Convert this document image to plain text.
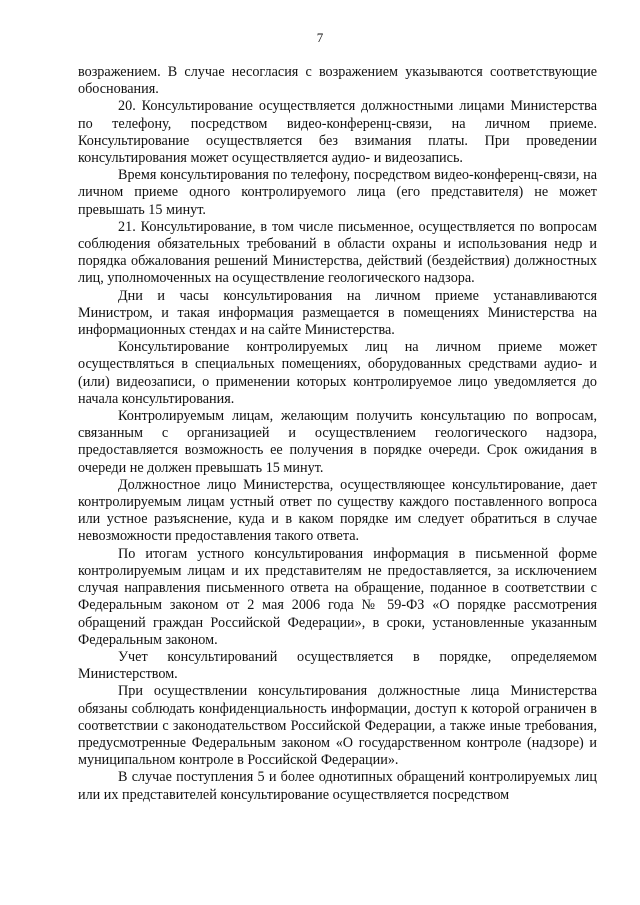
7

возражением. В случае несогласия с возражением указываются соответствующие обоснования.

20. Консультирование осуществляется должностными лицами Министерства по телефону, посредством видео-конференц-связи, на личном приеме. Консультирование осуществляется без взимания платы. При проведении консультирования может осуществляется аудио- и видеозапись.

Время консультирования по телефону, посредством видео-конференц-связи, на личном приеме одного контролируемого лица (его представителя) не может превышать 15 минут.

21. Консультирование, в том числе письменное, осуществляется по вопросам соблюдения обязательных требований в области охраны и использования недр и порядка обжалования решений Министерства, действий (бездействия) должностных лиц, уполномоченных на осуществление геологического надзора.

Дни и часы консультирования на личном приеме устанавливаются Министром, и такая информация размещается в помещениях Министерства на информационных стендах и на сайте Министерства.

Консультирование контролируемых лиц на личном приеме может осуществляться в специальных помещениях, оборудованных средствами аудио- и (или) видеозаписи, о применении которых контролируемое лицо уведомляется до начала консультирования.

Контролируемым лицам, желающим получить консультацию по вопросам, связанным с организацией и осуществлением геологического надзора, предоставляется возможность ее получения в порядке очереди. Срок ожидания в очереди не должен превышать 15 минут.

Должностное лицо Министерства, осуществляющее консультирование, дает контролируемым лицам устный ответ по существу каждого поставленного вопроса или устное разъяснение, куда и в каком порядке им следует обратиться в случае невозможности предоставления такого ответа.

По итогам устного консультирования информация в письменной форме контролируемым лицам и их представителям не предоставляется, за исключением случая направления письменного ответа на обращение, поданное в соответствии с Федеральным законом от 2 мая 2006 года № 59-ФЗ «О порядке рассмотрения обращений граждан Российской Федерации», в сроки, установленные указанным Федеральным законом.

Учет консультирований осуществляется в порядке, определяемом Министерством.

При осуществлении консультирования должностные лица Министерства обязаны соблюдать конфиденциальность информации, доступ к которой ограничен в соответствии с законодательством Российской Федерации, а также иные требования, предусмотренные Федеральным законом «О государственном контроле (надзоре) и муниципальном контроле в Российской Федерации».

В случае поступления 5 и более однотипных обращений контролируемых лиц или их представителей консультирование осуществляется посредством
